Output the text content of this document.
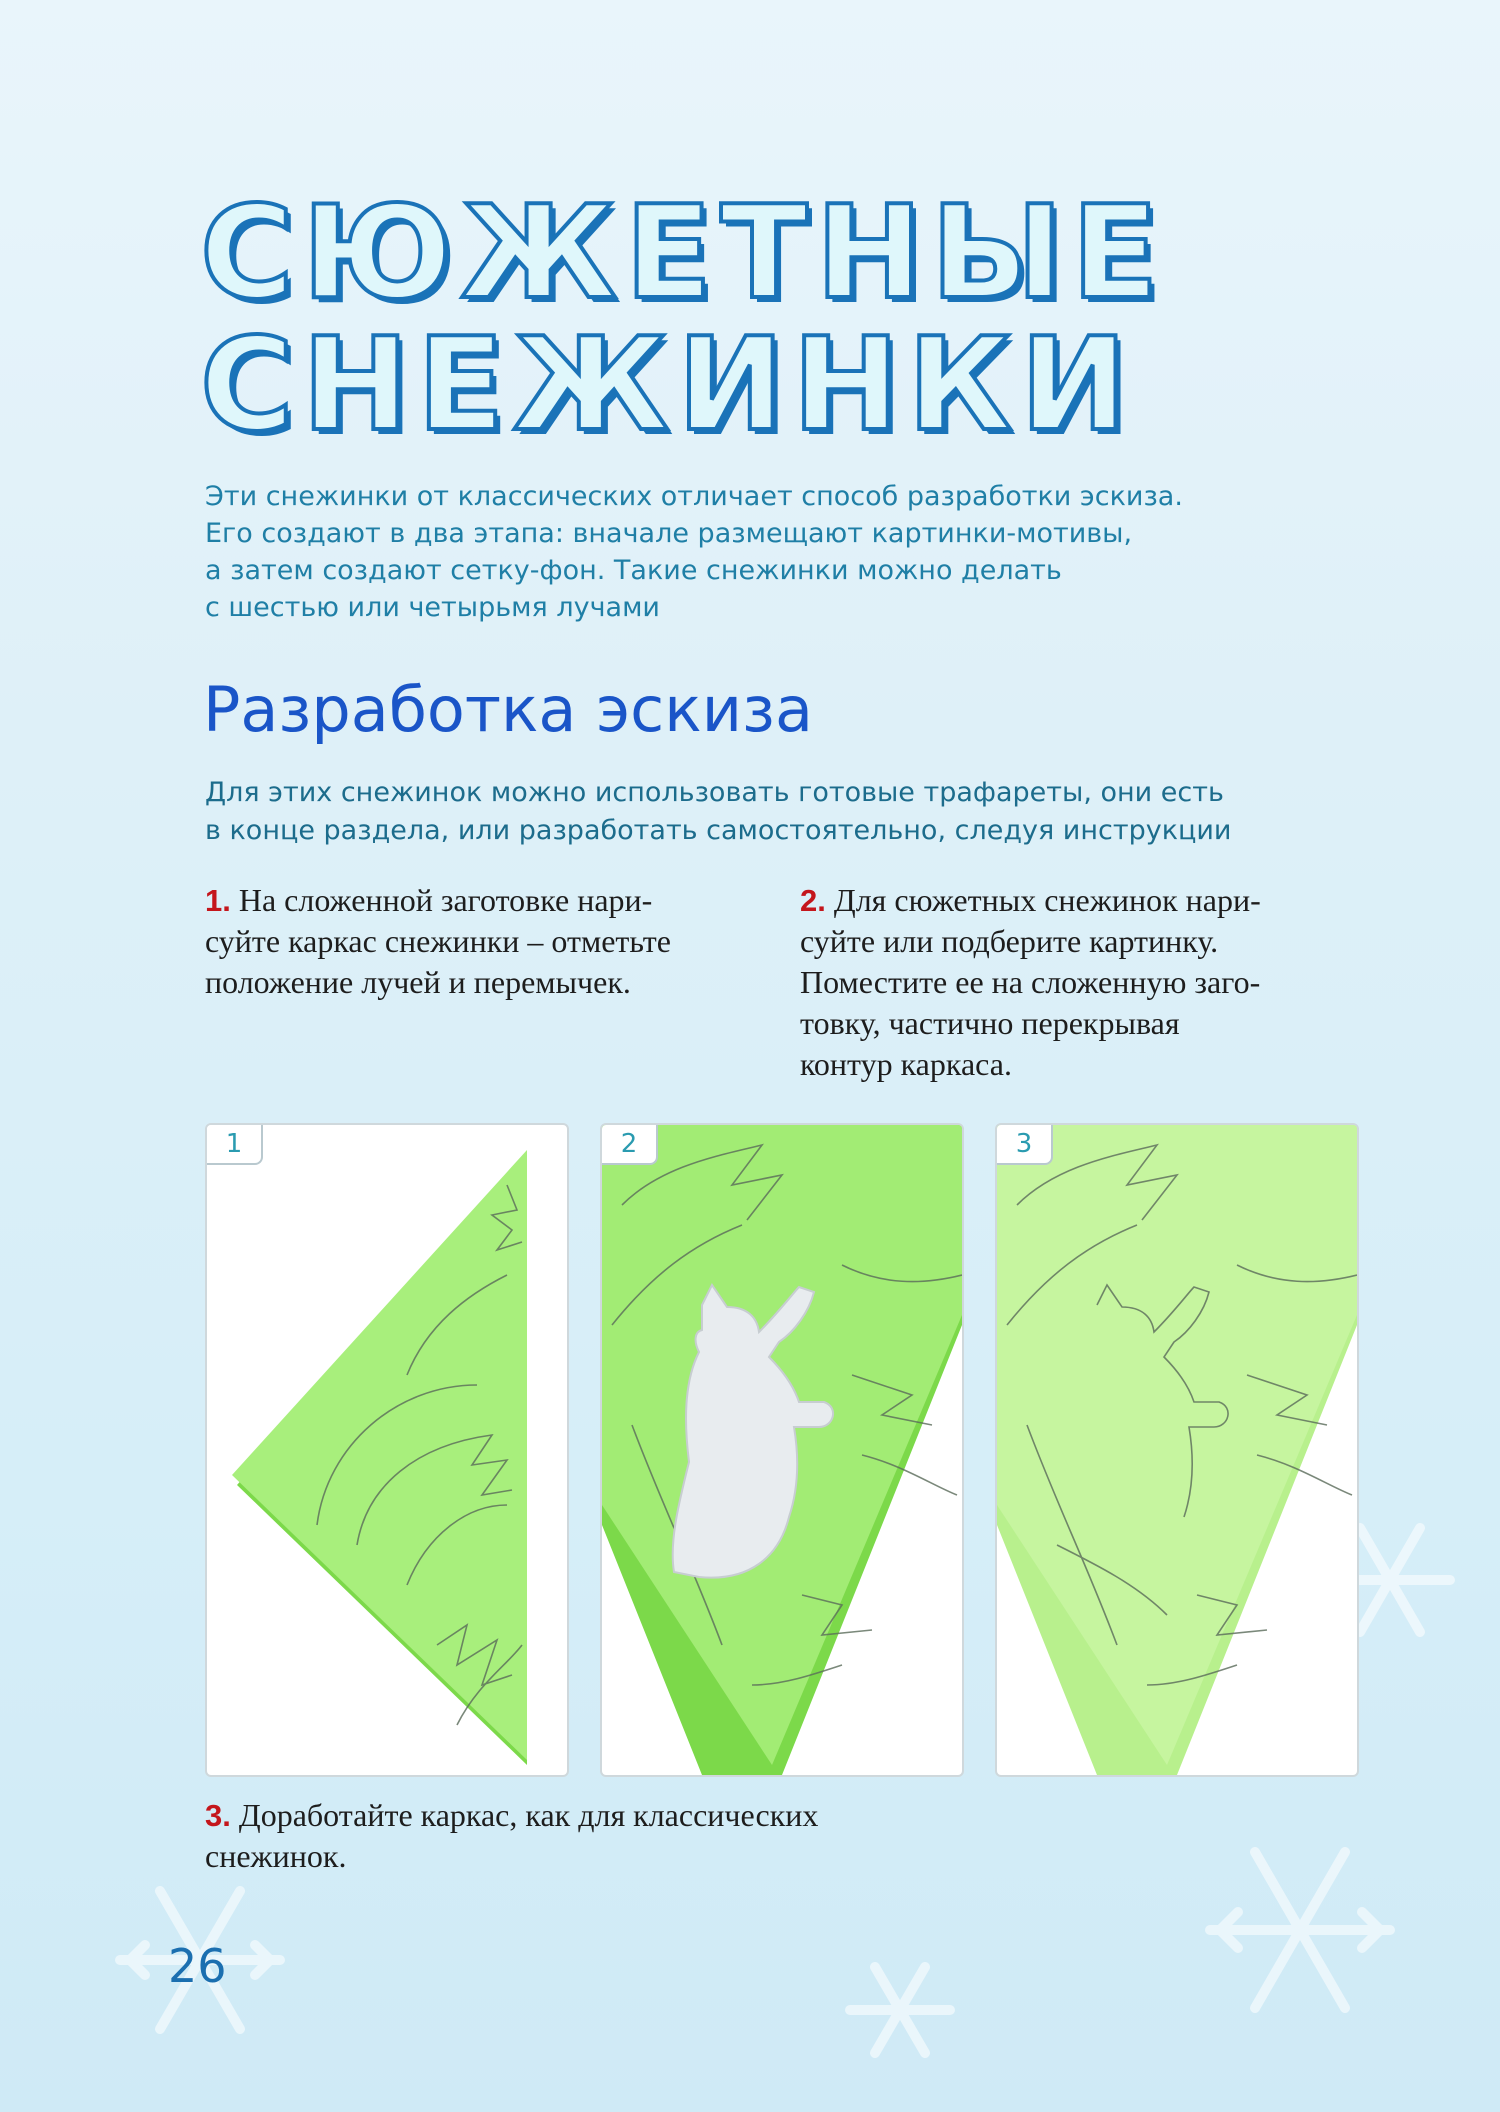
СЮЖЕТНЫЕ
СНЕЖИНКИ

Эти снежинки от классических отличает способ разработки эскиза.
Его создают в два этапа: вначале размещают картинки-мотивы,
а затем создают сетку-фон. Такие снежинки можно делать
с шестью или четырьмя лучами

Разработка эскиза

Для этих снежинок можно использовать готовые трафареты, они есть
в конце раздела, или разработать самостоятельно, следуя инструкции

1. На сложенной заготовке нари-
суйте каркас снежинки – отметьте
положение лучей и перемычек.
2. Для сюжетных снежинок нари-
суйте или подберите картинку.
Поместите ее на сложенную заго-
товку, частично перекрывая
контур каркаса.
1	2	3
3. Доработайте каркас, как для классических
снежинок.

26
